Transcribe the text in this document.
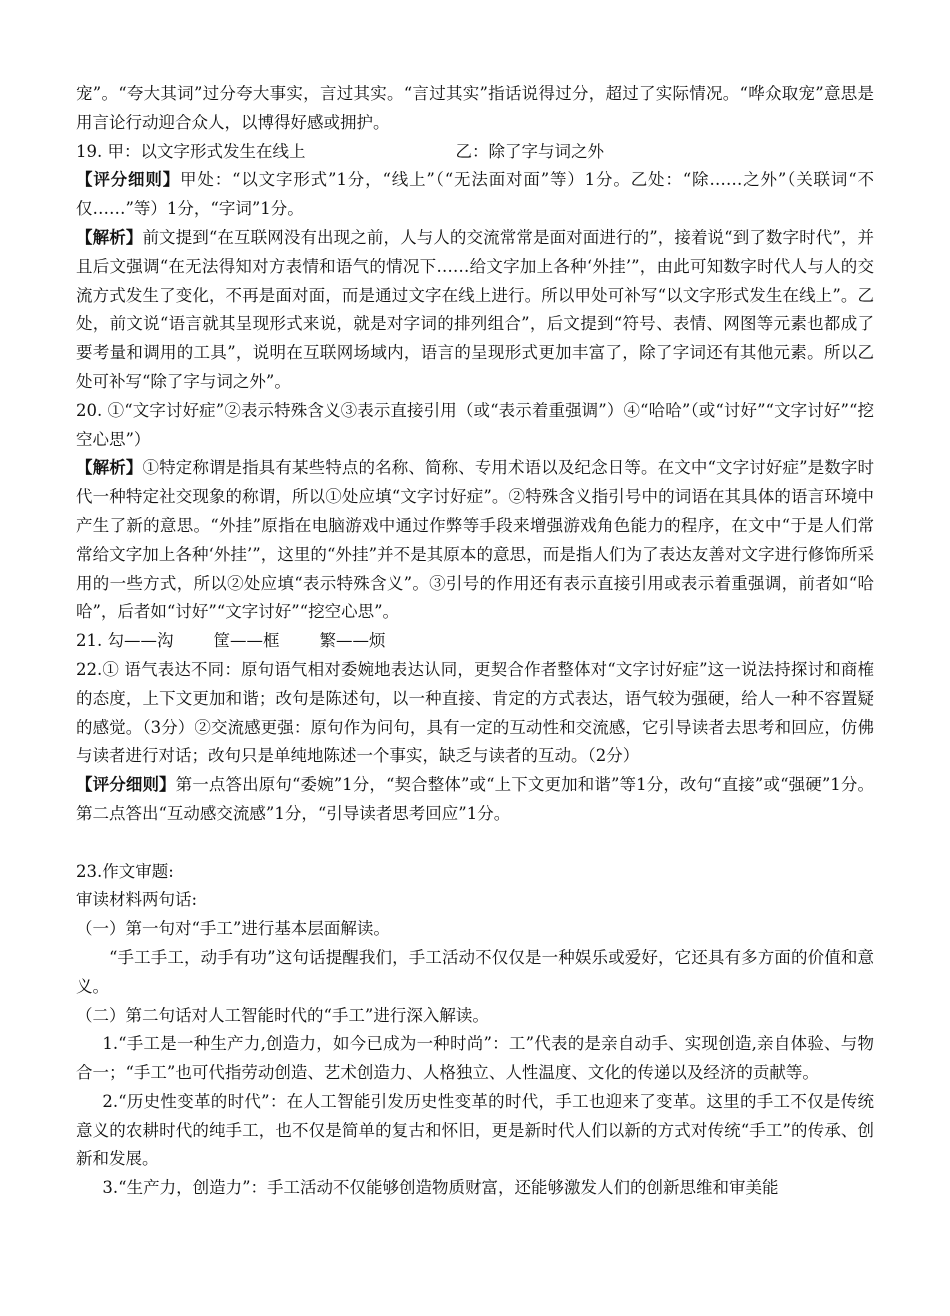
宠”。“夸大其词”过分夸大事实，言过其实。“言过其实”指话说得过分，超过了实际情况。“哗众取宠”意思是用言论行动迎合众人，以博得好感或拥护。

19. 甲：以文字形式发生在线上	乙：除了字与词之外

【评分细则】甲处：“以文字形式”1分，“线上”（“无法面对面”等）1分。乙处：“除……之外”（关联词“不仅……”等）1分，“字词”1分。

【解析】前文提到“在互联网没有出现之前，人与人的交流常常是面对面进行的”，接着说“到了数字时代”，并且后文强调“在无法得知对方表情和语气的情况下……给文字加上各种‘外挂’”，由此可知数字时代人与人的交流方式发生了变化，不再是面对面，而是通过文字在线上进行。所以甲处可补写“以文字形式发生在线上”。乙处，前文说“语言就其呈现形式来说，就是对字词的排列组合”，后文提到“符号、表情、网图等元素也都成了要考量和调用的工具”，说明在互联网场域内，语言的呈现形式更加丰富了，除了字词还有其他元素。所以乙处可补写“除了字与词之外”。

20. ①“文字讨好症”②表示特殊含义③表示直接引用（或“表示着重强调”）④“哈哈”（或“讨好”“文字讨好”“挖空心思”）

【解析】①特定称谓是指具有某些特点的名称、简称、专用术语以及纪念日等。在文中“文字讨好症”是数字时代一种特定社交现象的称谓，所以①处应填“文字讨好症”。②特殊含义指引号中的词语在其具体的语言环境中产生了新的意思。“外挂”原指在电脑游戏中通过作弊等手段来增强游戏角色能力的程序，在文中“于是人们常常给文字加上各种‘外挂’”，这里的“外挂”并不是其原本的意思，而是指人们为了表达友善对文字进行修饰所采用的一些方式，所以②处应填“表示特殊含义”。③引号的作用还有表示直接引用或表示着重强调，前者如“哈哈”，后者如“讨好”“文字讨好”“挖空心思”。

21. 勾——沟 筐——框 繁——烦

22.① 语气表达不同：原句语气相对委婉地表达认同，更契合作者整体对“文字讨好症”这一说法持探讨和商榷的态度，上下文更加和谐；改句是陈述句，以一种直接、肯定的方式表达，语气较为强硬，给人一种不容置疑的感觉。（3分）②交流感更强：原句作为问句，具有一定的互动性和交流感，它引导读者去思考和回应，仿佛与读者进行对话；改句只是单纯地陈述一个事实，缺乏与读者的互动。（2分）

【评分细则】第一点答出原句“委婉”1分，“契合整体”或“上下文更加和谐”等1分，改句“直接”或“强硬”1分。第二点答出“互动感交流感”1分，“引导读者思考回应”1分。

23.作文审题:

审读材料两句话:

（一）第一句对“手工”进行基本层面解读。

“手工手工，动手有功”这句话提醒我们，手工活动不仅仅是一种娱乐或爱好，它还具有多方面的价值和意义。

（二）第二句话对人工智能时代的“手工”进行深入解读。

1.“手工是一种生产力,创造力，如今已成为一种时尚”：工”代表的是亲自动手、实现创造,亲自体验、与物合一；“手工”也可代指劳动创造、艺术创造力、人格独立、人性温度、文化的传递以及经济的贡献等。

2.“历史性变革的时代”：在人工智能引发历史性变革的时代，手工也迎来了变革。这里的手工不仅是传统意义的农耕时代的纯手工，也不仅是简单的复古和怀旧，更是新时代人们以新的方式对传统“手工”的传承、创新和发展。

3.“生产力，创造力”：手工活动不仅能够创造物质财富，还能够激发人们的创新思维和审美能
